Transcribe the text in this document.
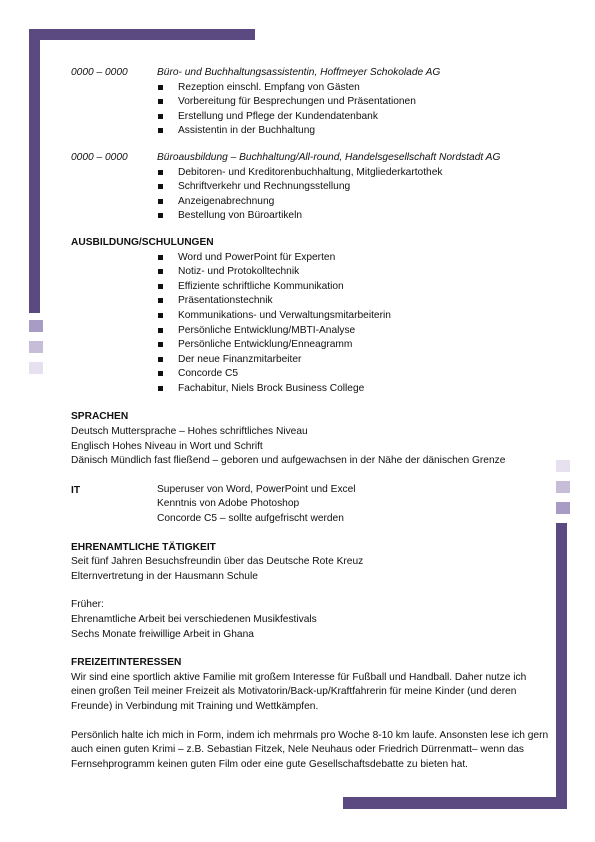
0000 – 0000	Büro- und Buchhaltungsassistentin, Hoffmeyer Schokolade AG
Rezeption einschl. Empfang von Gästen
Vorbereitung für Besprechungen und Präsentationen
Erstellung und Pflege der Kundendatenbank
Assistentin in der Buchhaltung
0000 – 0000	Büroausbildung – Buchhaltung/All-round, Handelsgesellschaft Nordstadt AG
Debitoren- und Kreditorenbuchhaltung, Mitgliederkartothek
Schriftverkehr und Rechnungsstellung
Anzeigenabrechnung
Bestellung von Büroartikeln
AUSBILDUNG/SCHULUNGEN
Word und PowerPoint für Experten
Notiz- und Protokolltechnik
Effiziente schriftliche Kommunikation
Präsentationstechnik
Kommunikations- und Verwaltungsmitarbeiterin
Persönliche Entwicklung/MBTI-Analyse
Persönliche Entwicklung/Enneagramm
Der neue Finanzmitarbeiter
Concorde C5
Fachabitur, Niels Brock Business College
SPRACHEN
Deutsch Muttersprache – Hohes schriftliches Niveau
Englisch Hohes Niveau in Wort und Schrift
Dänisch Mündlich fast fließend – geboren und aufgewachsen in der Nähe der dänischen Grenze
IT	Superuser von Word, PowerPoint und Excel
Kenntnis von Adobe Photoshop
Concorde C5 – sollte aufgefrischt werden
EHRENAMTLICHE TÄTIGKEIT
Seit fünf Jahren Besuchsfreundin über das Deutsche Rote Kreuz
Elternvertretung in der Hausmann Schule
Früher:
Ehrenamtliche Arbeit bei verschiedenen Musikfestivals
Sechs Monate freiwillige Arbeit in Ghana
FREIZEITINTERESSEN
Wir sind eine sportlich aktive Familie mit großem Interesse für Fußball und Handball. Daher nutze ich einen großen Teil meiner Freizeit als Motivatorin/Back-up/Kraftfahrerin für meine Kinder (und deren Freunde) in Verbindung mit Training und Wettkämpfen.
Persönlich halte ich mich in Form, indem ich mehrmals pro Woche 8-10 km laufe. Ansonsten lese ich gern auch einen guten Krimi – z.B. Sebastian Fitzek, Nele Neuhaus oder Friedrich Dürrenmatt– wenn das Fernsehprogramm keinen guten Film oder eine gute Gesellschaftsdebatte zu bieten hat.
